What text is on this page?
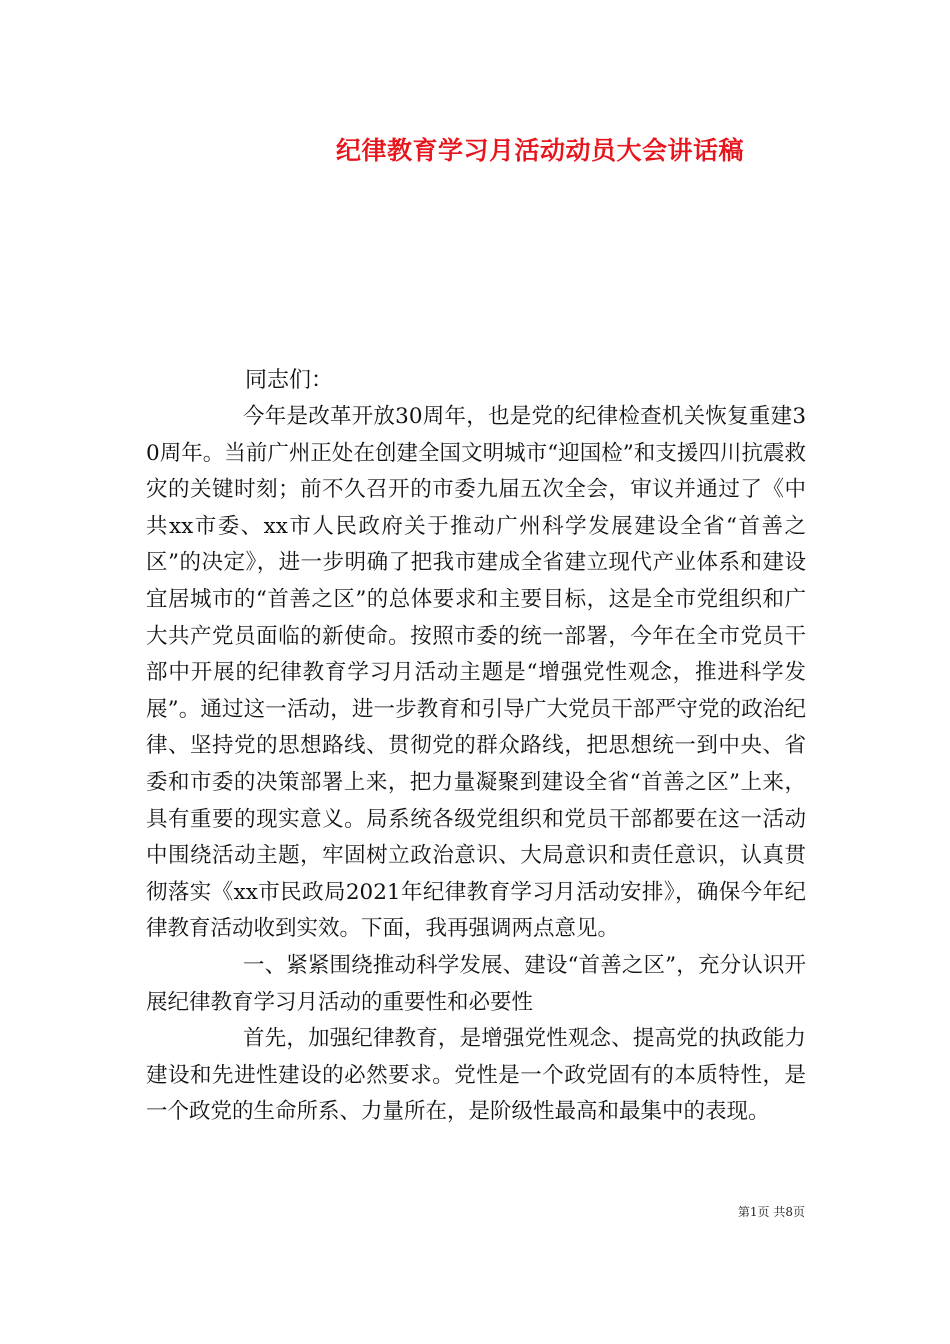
纪律教育学习月活动动员大会讲话稿

同志们：

今年是改革开放30周年，也是党的纪律检查机关恢复重建30周年。当前广州正处在创建全国文明城市“迎国检”和支援四川抗震救灾的关键时刻；前不久召开的市委九届五次全会，审议并通过了《中共xx市委、xx市人民政府关于推动广州科学发展建设全省“首善之区”的决定》，进一步明确了把我市建成全省建立现代产业体系和建设宜居城市的“首善之区”的总体要求和主要目标，这是全市党组织和广大共产党员面临的新使命。按照市委的统一部署，今年在全市党员干部中开展的纪律教育学习月活动主题是“增强党性观念，推进科学发展”。通过这一活动，进一步教育和引导广大党员干部严守党的政治纪律、坚持党的思想路线、贯彻党的群众路线，把思想统一到中央、省委和市委的决策部署上来，把力量凝聚到建设全省“首善之区”上来，具有重要的现实意义。局系统各级党组织和党员干部都要在这一活动中围绕活动主题，牢固树立政治意识、大局意识和责任意识，认真贯彻落实《xx市民政局2021年纪律教育学习月活动安排》，确保今年纪律教育活动收到实效。下面，我再强调两点意见。

一、紧紧围绕推动科学发展、建设“首善之区”，充分认识开展纪律教育学习月活动的重要性和必要性

首先，加强纪律教育，是增强党性观念、提高党的执政能力建设和先进性建设的必然要求。党性是一个政党固有的本质特性，是一个政党的生命所系、力量所在，是阶级性最高和最集中的表现。

第1页 共8页
